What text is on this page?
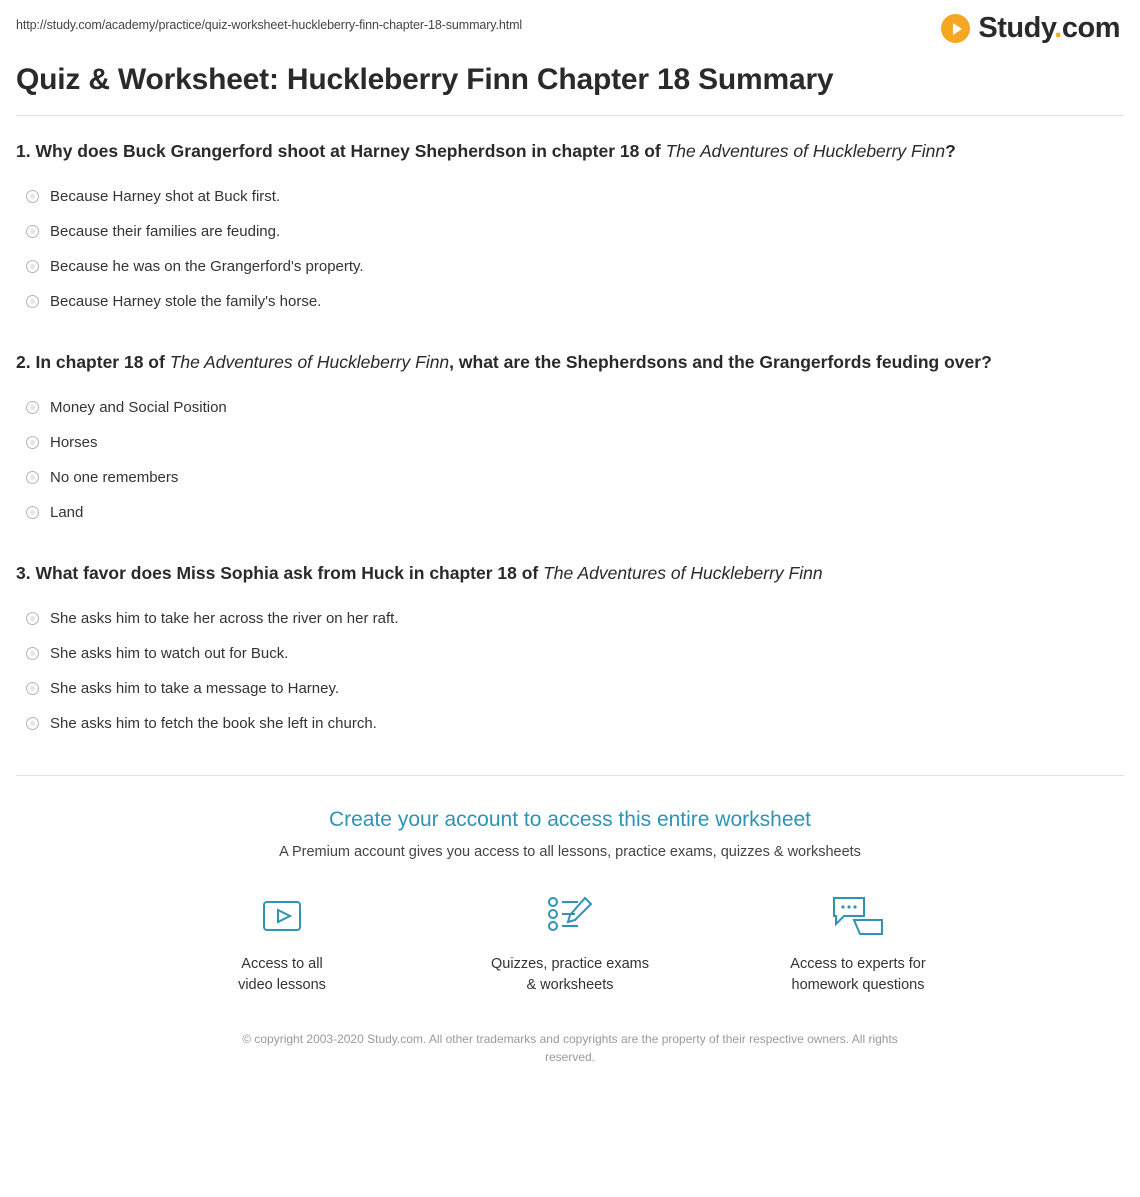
http://study.com/academy/practice/quiz-worksheet-huckleberry-finn-chapter-18-summary.html	Study.com
Quiz & Worksheet: Huckleberry Finn Chapter 18 Summary

1. Why does Buck Grangerford shoot at Harney Shepherdson in chapter 18 of The Adventures of Huckleberry Finn?

Because Harney shot at Buck first.
Because their families are feuding.
Because he was on the Grangerford's property.
Because Harney stole the family's horse.

2. In chapter 18 of The Adventures of Huckleberry Finn, what are the Shepherdsons and the Grangerfords feuding over?

Money and Social Position
Horses
No one remembers
Land

3. What favor does Miss Sophia ask from Huck in chapter 18 of The Adventures of Huckleberry Finn

She asks him to take her across the river on her raft.
She asks him to watch out for Buck.
She asks him to take a message to Harney.
She asks him to fetch the book she left in church.
Create your account to access this entire worksheet
A Premium account gives you access to all lessons, practice exams, quizzes & worksheets
Access to all
video lessons
Quizzes, practice exams
& worksheets
Access to experts for
homework questions
© copyright 2003-2020 Study.com. All other trademarks and copyrights are the property of their respective owners. All rights reserved.
